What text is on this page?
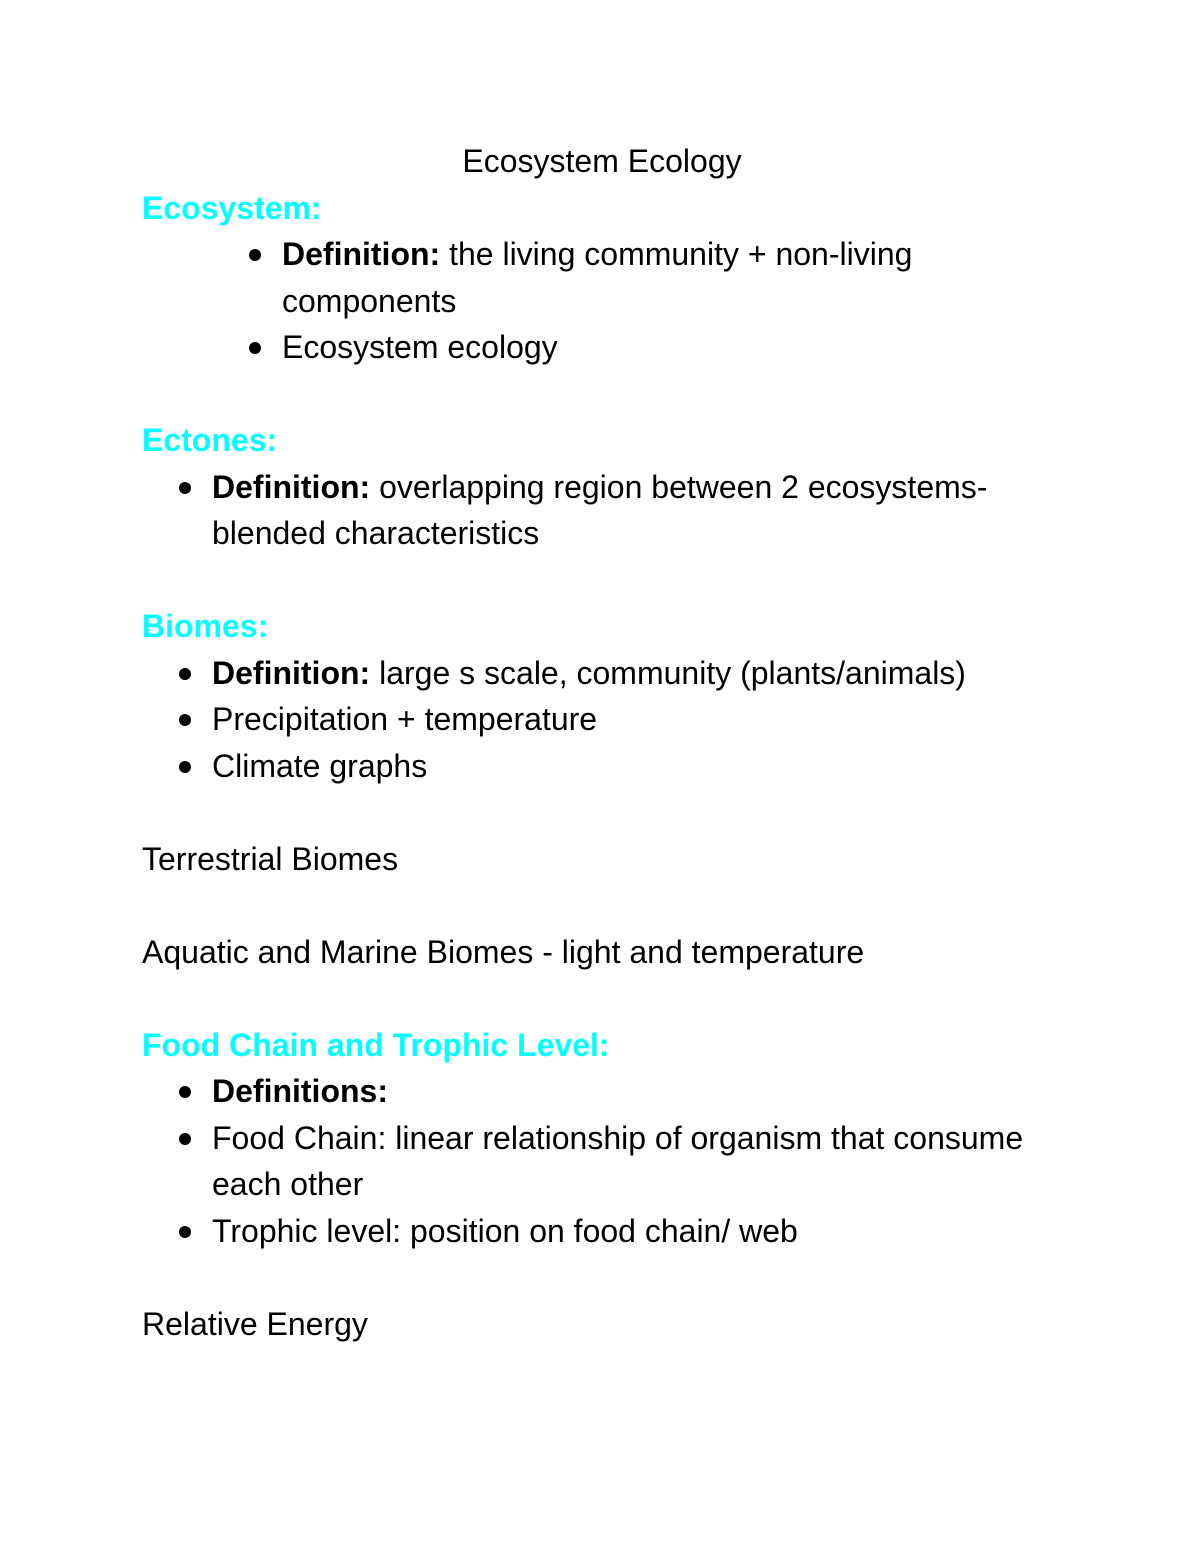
Ecosystem Ecology

Ecosystem:

Definition: the living community + non-living components
Ecosystem ecology

Ectones:

Definition: overlapping region between 2 ecosystems- blended characteristics

Biomes:

Definition: large s scale, community (plants/animals)
Precipitation + temperature
Climate graphs

Terrestrial Biomes

Aquatic and Marine Biomes - light and temperature

Food Chain and Trophic Level:

Definitions:
Food Chain: linear relationship of organism that consume each other
Trophic level: position on food chain/ web

Relative Energy
